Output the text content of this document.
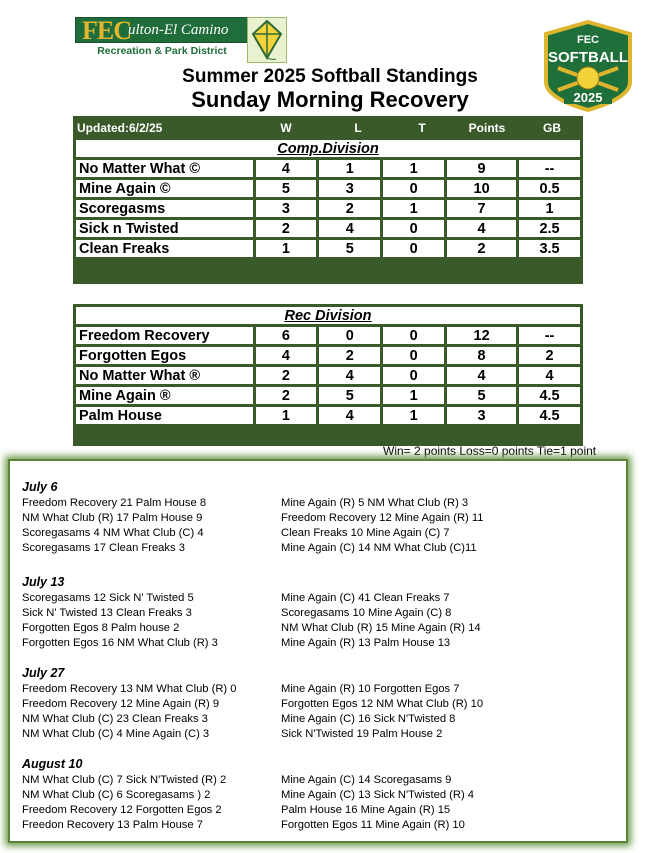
FEC
ulton-El Camino
Recreation & Park District
Summer 2025 Softball Standings
Sunday Morning Recovery
FEC
SOFTBALL
2025
Updated:6/2/25	W	L	T	Points	GB
Comp.Division					
No Matter What ©	4	1	1	9	--
Mine Again ©	5	3	0	10	0.5
Scoregasms	3	2	1	7	1
Sick n Twisted	2	4	0	4	2.5
Clean Freaks	1	5	0	2	3.5
Rec Division					
Freedom Recovery	6	0	0	12	--
Forgotten Egos	4	2	0	8	2
No Matter What ®	2	4	0	4	4
Mine Again ®	2	5	1	5	4.5
Palm House	1	4	1	3	4.5
Win= 2 points Loss=0 points Tie=1 point
July 6
Freedom Recovery 21 Palm House 8
NM What Club (R) 17 Palm House 9
Scoregasams 4 NM What Club (C) 4
Scoregasams 17 Clean Freaks 3
Mine Again (R) 5 NM What Club (R) 3
Freedom Recovery 12 Mine Again (R) 11
Clean Freaks 10 Mine Again (C) 7
Mine Again (C) 14 NM What Club (C)11
July 13
Scoregasams 12 Sick N' Twisted 5
Sick N' Twisted 13 Clean Freaks 3
Forgotten Egos 8 Palm house 2
Forgotten Egos 16 NM What Club (R) 3
Mine Again (C) 41 Clean Freaks 7
Scoregasams 10 Mine Again (C) 8
NM What Club (R) 15 Mine Again (R) 14
Mine Again (R) 13 Palm House 13
July 27
Freedom Recovery 13 NM What Club (R) 0
Freedom Recovery 12 Mine Again (R) 9
NM What Club (C) 23 Clean Freaks 3
NM What Club (C) 4 Mine Again (C) 3
Mine Again (R) 10 Forgotten Egos 7
Forgotten Egos 12 NM What Club (R) 10
Mine Again (C) 16 Sick N'Twisted 8
Sick N'Twisted 19 Palm House 2
August 10
NM What Club (C) 7 Sick N'Twisted (R) 2
NM What Club (C) 6 Scoregasams ) 2
Freedom Recovery 12 Forgotten Egos 2
Freedon Recovery 13 Palm House 7
Mine Again (C) 14 Scoregasams 9
Mine Again (C) 13 Sick N'Twisted (R) 4
Palm House 16 Mine Again (R) 15
Forgotten Egos 11 Mine Again (R) 10
